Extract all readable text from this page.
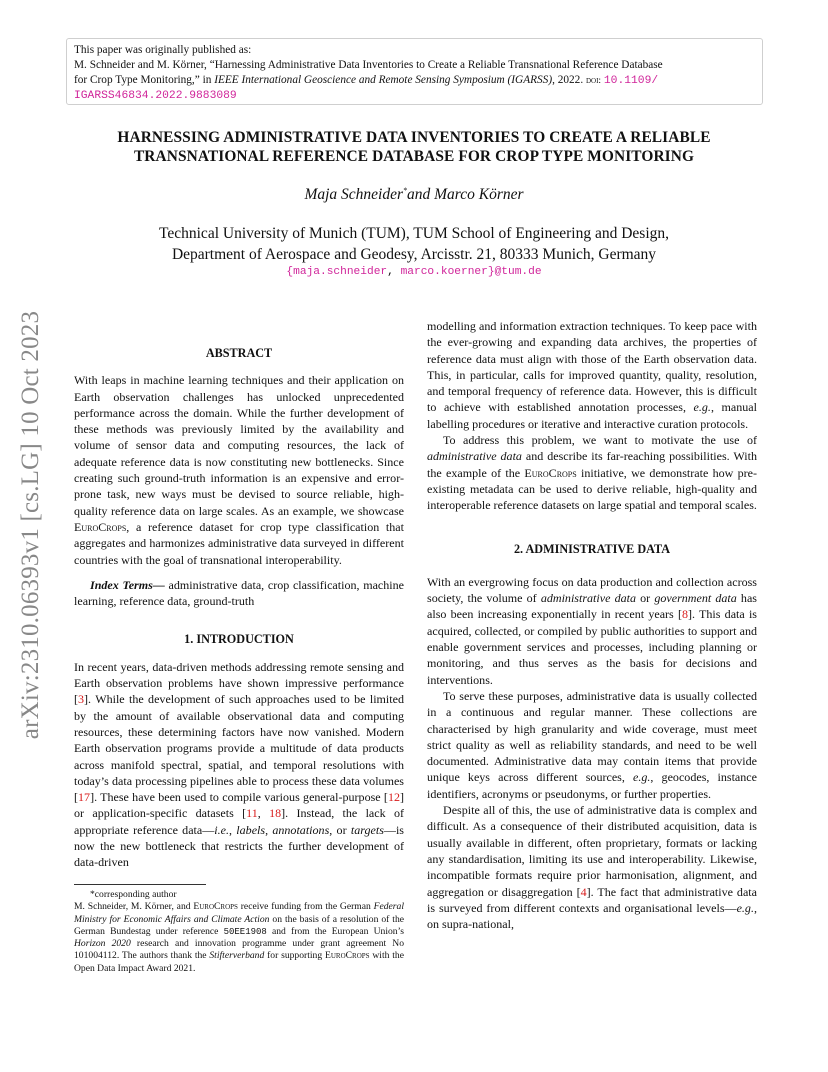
This paper was originally published as:
M. Schneider and M. Körner, “Harnessing Administrative Data Inventories to Create a Reliable Transnational Reference Database
for Crop Type Monitoring,” in IEEE International Geoscience and Remote Sensing Symposium (IGARSS), 2022. doi: 10.1109/
IGARSS46834.2022.9883089
arXiv:2310.06393v1 [cs.LG] 10 Oct 2023
HARNESSING ADMINISTRATIVE DATA INVENTORIES TO CREATE A RELIABLE
TRANSNATIONAL REFERENCE DATABASE FOR CROP TYPE MONITORING
Maja Schneider*and Marco Körner
Technical University of Munich (TUM), TUM School of Engineering and Design,
Department of Aerospace and Geodesy, Arcisstr. 21, 80333 Munich, Germany
{maja.schneider, marco.koerner}@tum.de

ABSTRACT

With leaps in machine learning techniques and their application on Earth observation challenges has unlocked unprecedented performance across the domain. While the further development of these methods was previously limited by the availability and volume of sensor data and computing resources, the lack of adequate reference data is now constituting new bottlenecks. Since creating such ground-truth information is an expensive and error-prone task, new ways must be devised to source reliable, high-quality reference data on large scales. As an example, we showcase EuroCrops, a reference dataset for crop type classification that aggregates and harmonizes administrative data surveyed in different countries with the goal of transnational interoperability.

Index Terms— administrative data, crop classification, machine learning, reference data, ground-truth

1. INTRODUCTION

In recent years, data-driven methods addressing remote sensing and Earth observation problems have shown impressive performance [3]. While the development of such approaches used to be limited by the amount of available observational data and computing resources, these determining factors have now vanished. Modern Earth observation programs provide a multitude of data products across manifold spectral, spatial, and temporal resolutions with today’s data processing pipelines able to process these data volumes [17]. These have been used to compile various general-purpose [12] or application-specific datasets [11, 18]. Instead, the lack of appropriate reference data—i.e., labels, annotations, or targets—is now the new bottleneck that restricts the further development of data-driven

*corresponding author

M. Schneider, M. Körner, and EuroCrops receive funding from the German Federal Ministry for Economic Affairs and Climate Action on the basis of a resolution of the German Bundestag under reference 50EE1908 and from the European Union’s Horizon 2020 research and innovation programme under grant agreement No 101004112. The authors thank the Stifterverband for supporting EuroCrops with the Open Data Impact Award 2021.

modelling and information extraction techniques. To keep pace with the ever-growing and expanding data archives, the properties of reference data must align with those of the Earth observation data. This, in particular, calls for improved quantity, quality, resolution, and temporal frequency of reference data. However, this is difficult to achieve with established annotation processes, e.g., manual labelling procedures or iterative and interactive curation protocols.

To address this problem, we want to motivate the use of administrative data and describe its far-reaching possibilities. With the example of the EuroCrops initiative, we demonstrate how pre-existing metadata can be used to derive reliable, high-quality and interoperable reference datasets on large spatial and temporal scales.

2. ADMINISTRATIVE DATA

With an evergrowing focus on data production and collection across society, the volume of administrative data or government data has also been increasing exponentially in recent years [8]. This data is acquired, collected, or compiled by public authorities to support and enable government services and processes, including planning or monitoring, and thus serves as the basis for decisions and interventions.

To serve these purposes, administrative data is usually collected in a continuous and regular manner. These collections are characterised by high granularity and wide coverage, must meet strict quality as well as reliability standards, and need to be well documented. Administrative data may contain items that provide unique keys across different sources, e.g., geocodes, instance identifiers, acronyms or pseudonyms, or further properties.

Despite all of this, the use of administrative data is complex and difficult. As a consequence of their distributed acquisition, data is usually available in different, often proprietary, formats or lacking any standardisation, limiting its use and interoperability. Likewise, incompatible formats require prior harmonisation, alignment, and aggregation or disaggregation [4]. The fact that administrative data is surveyed from different contexts and organisational levels—e.g., on supra-national,
